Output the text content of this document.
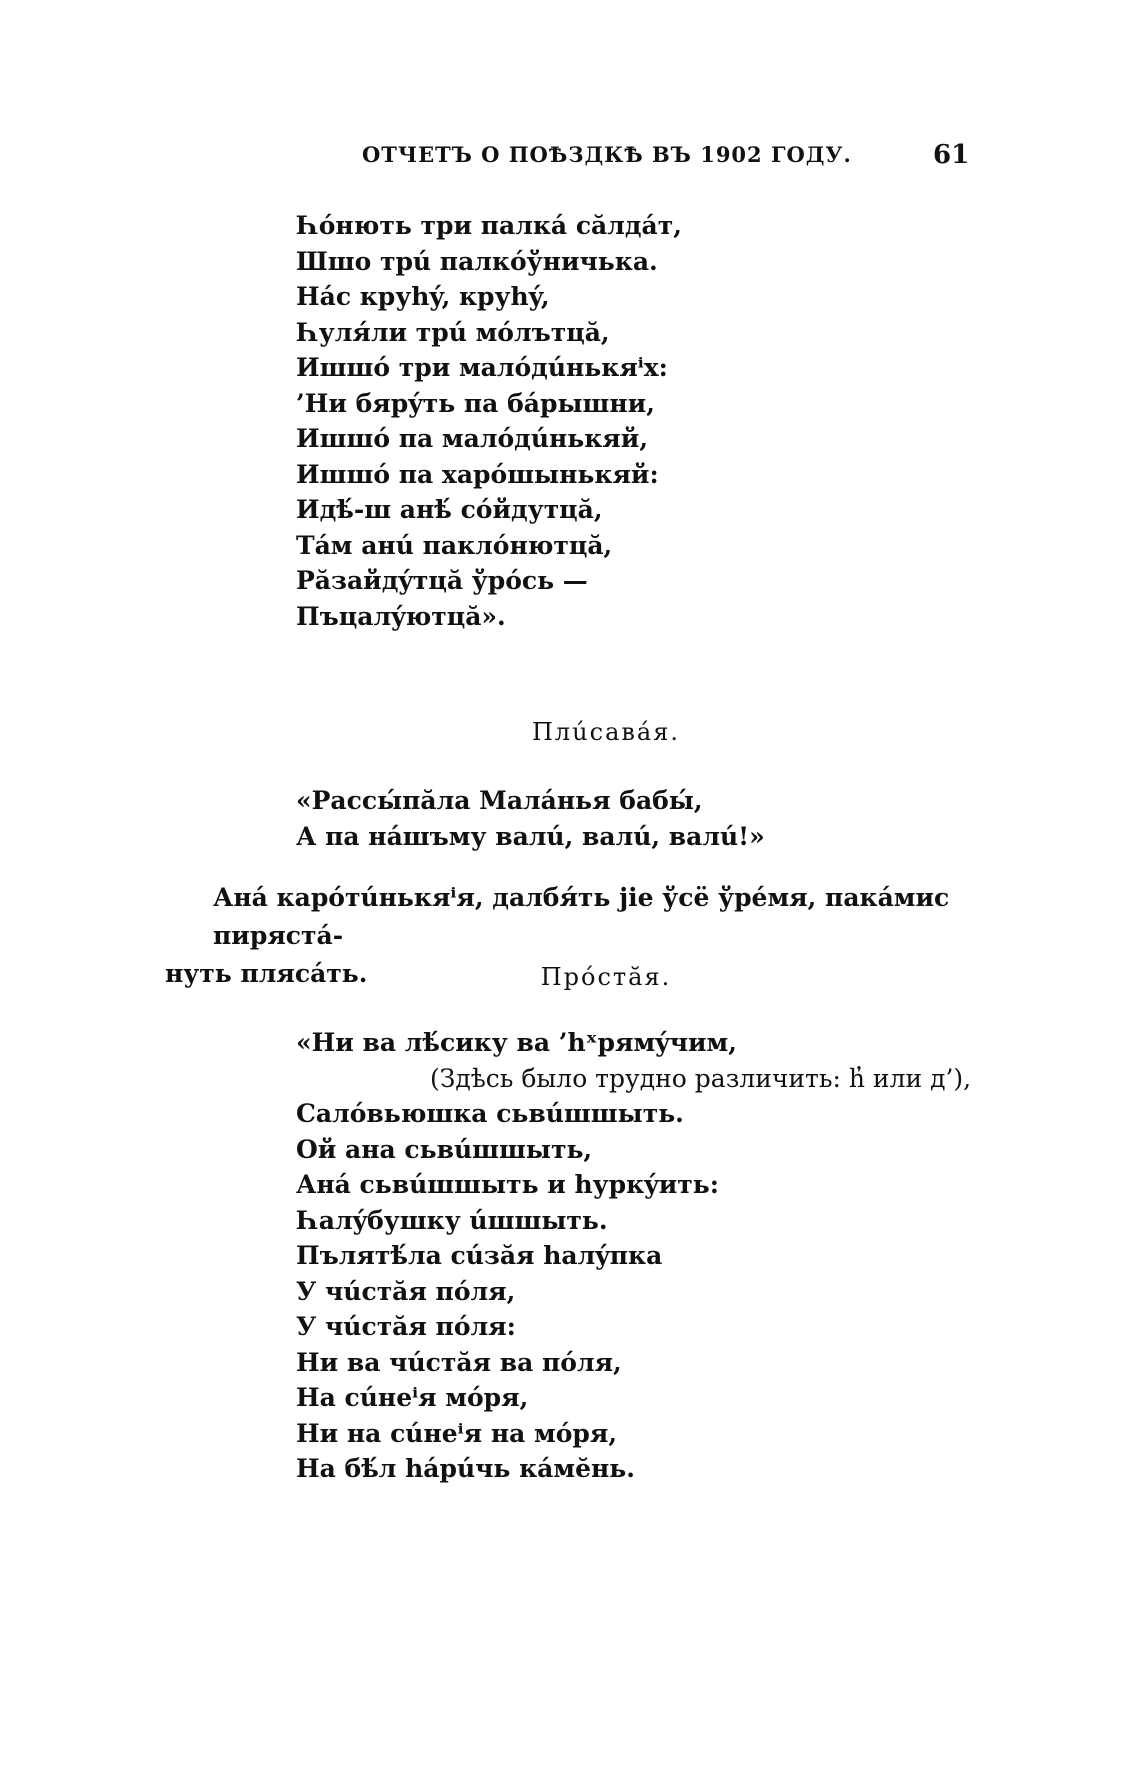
ОТЧЕТЪ О ПОѢЗДКѢ ВЪ 1902 ГОДУ.	61
Һóнють три палкá сăлдáт,
Шшо трú палкóўничька.
Нáс круһý, круһý,
Һуля́ли трú мóлътцă,
Ишшó три малóдúнькяⁱх:
’Ни бярýть па бáрышни,
Ишшó па малóдúнькяй,
Ишшó па харóшынькяй:
Идѣ́-ш анѣ́ сóйдутцă,
Тáм анú паклóнютцă,
Рăзайдýтцă ўрóсь —
Пъцалýютцă».
Плúсавáя.
«Рассы́пăла Малáнья бабы́,
А па нáшъму валú, валú, валú!»

Анá карóтúнькяⁱя, далбя́ть јіе ўсё ўрéмя, пакáмис пирястá-

нуть плясáть.	Прóстăя.
«Ни ва лѣ́сику ва ’һˣрямýчим,
(Здѣсь было трудно различить: һ̓ или д’),
Салóвьюшка сьвúшшыть.
Ой ана сьвúшшыть,
Анá сьвúшшыть и һуркýить:
Һалýбушку úшшыть.
Пълятѣ́ла сúзăя һалýпка
У чúстăя пóля,
У чúстăя пóля:
Ни ва чúстăя ва пóля,
На сúнеⁱя мóря,
Ни на сúнеⁱя на мóря,
На бѣ́л һáрúчь кáмĕнь.
